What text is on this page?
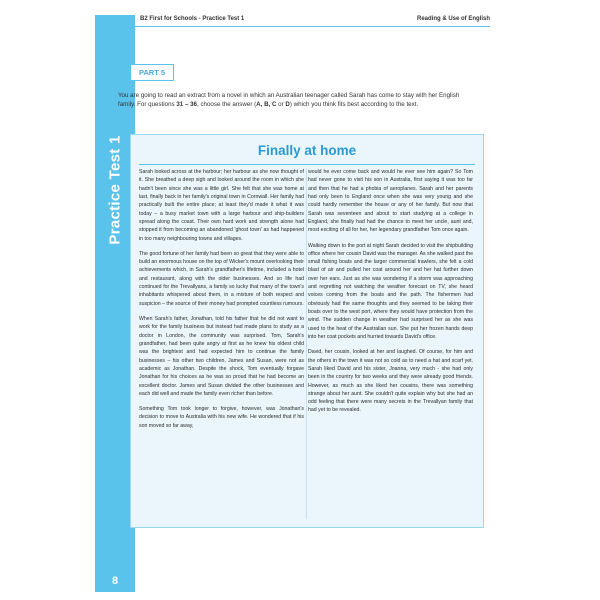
Practice Test 1
8
B2 First for Schools - Practice Test 1	Reading & Use of English
PART 5
You are going to read an extract from a novel in which an Australian teenager called Sarah has come to stay with her English family. For questions 31 – 36, choose the answer (A, B, C or D) which you think fits best according to the text.
Finally at home

Sarah looked across at the harbour; her harbour as she now thought of it. She breathed a deep sigh and looked around the room in which she hadn't been since she was a little girl. She felt that she was home at last, finally back in her family's original town in Cornwall. Her family had practically built the entire place; at least they'd made it what it was today – a busy market town with a large harbour and ship-builders spread along the coast. Their own hard work and strength alone had stopped it from becoming an abandoned 'ghost town' as had happened in too many neighbouring towns and villages.

The good fortune of her family had been so great that they were able to build an enormous house on the top of Wicker's mount overlooking their achievements which, in Sarah's grandfather's lifetime, included a hotel and restaurant, along with the older businesses. And so life had continued for the Trevallyans, a family so lucky that many of the town's inhabitants whispered about them, in a mixture of both respect and suspicion – the source of their money had prompted countless rumours.

When Sarah's father, Jonathan, told his father that he did not want to work for the family business but instead had made plans to study as a doctor in London, the community was surprised. Tom, Sarah's grandfather, had been quite angry at first as he knew his oldest child was the brightest and had expected him to continue the family businesses – his other two children, James and Susan, were not as academic as Jonathan. Despite the shock, Tom eventually forgave Jonathan for his choices as he was so proud that he had become an excellent doctor. James and Susan divided the other businesses and each did well and made the family even richer than before.

Something Tom took longer to forgive, however, was Jonathan's decision to move to Australia with his new wife. He wondered that if his son moved so far away,

would he ever come back and would he ever see him again? So Tom had never gone to visit his son in Australia, first saying it was too far and then that he had a phobia of aeroplanes. Sarah and her parents had only been to England once when she was very young and she could hardly remember the house or any of her family. But now that Sarah was seventeen and about to start studying at a college in England, she finally had had the chance to meet her uncle, aunt and, most exciting of all for her, her legendary grandfather Tom once again.

Walking down to the port at night Sarah decided to visit the shipbuilding office where her cousin David was the manager. As she walked past the small fishing boats and the larger commercial trawlers, she felt a cold blast of air and pulled her coat around her and her hat further down over her ears. Just as she was wondering if a storm was approaching and regretting not watching the weather forecast on TV, she heard voices coming from the boats and the path. The fishermen had obviously had the same thoughts and they seemed to be taking their boats over to the west port, where they would have protection from the wind. The sudden change in weather had surprised her as she was used to the heat of the Australian sun. She put her frozen hands deep into her coat pockets and hurried towards David's office.

David, her cousin, looked at her and laughed. Of course, for him and the others in the town it was not so cold as to need a hat and scarf yet. Sarah liked David and his sister, Joanna, very much - she had only been in the country for two weeks and they were already good friends. However, as much as she liked her cousins, there was something strange about her aunt. She couldn't quite explain why but she had an odd feeling that there were many secrets in the Trevallyan family that had yet to be revealed.
